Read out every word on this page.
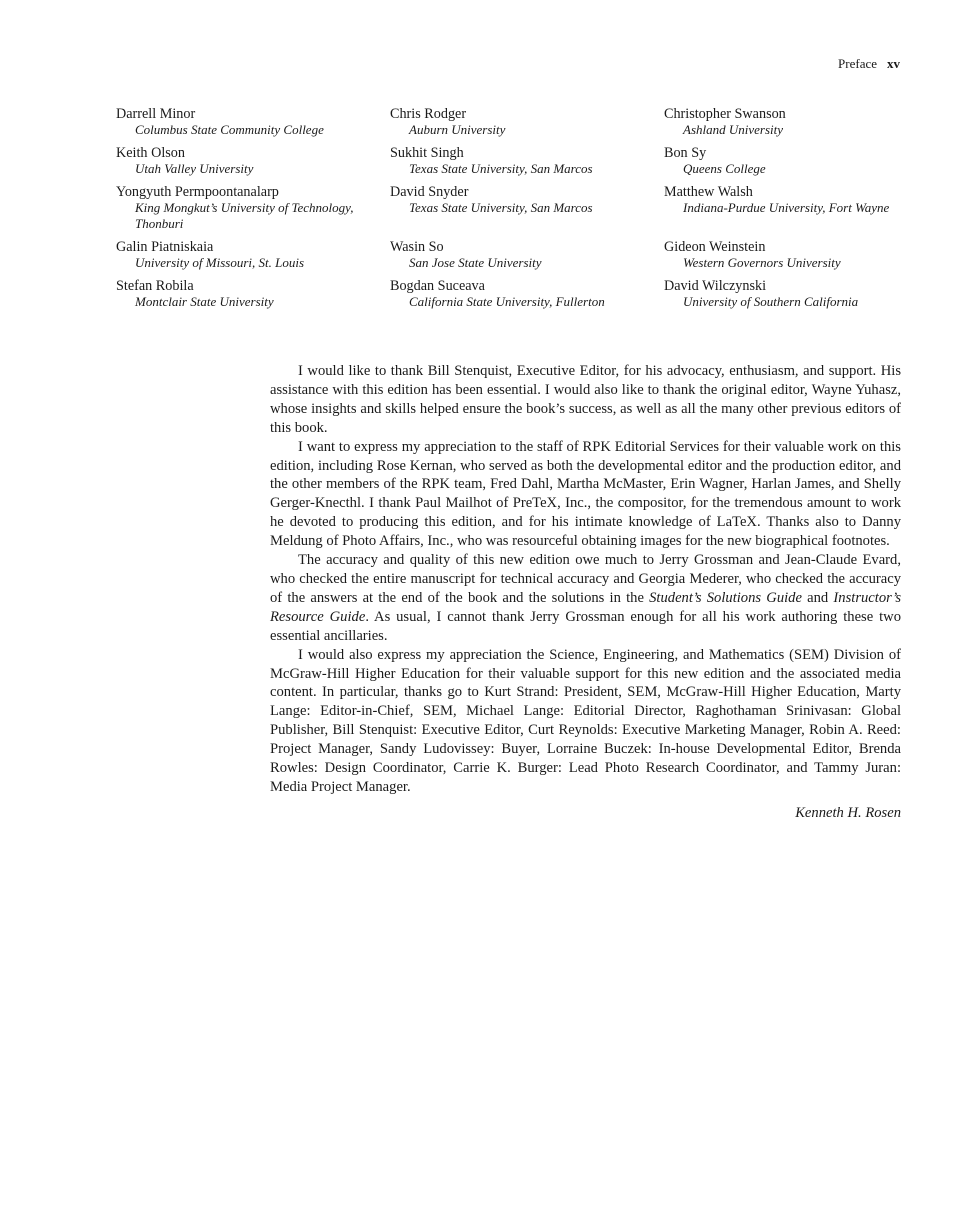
Preface xv
Darrell Minor
Columbus State Community College
Chris Rodger
Auburn University
Christopher Swanson
Ashland University
Keith Olson
Utah Valley University
Sukhit Singh
Texas State University, San Marcos
Bon Sy
Queens College
Yongyuth Permpoontanalarp
King Mongkut’s University of Technology, Thonburi
David Snyder
Texas State University, San Marcos
Matthew Walsh
Indiana-Purdue University, Fort Wayne
Galin Piatniskaia
University of Missouri, St. Louis
Wasin So
San Jose State University
Gideon Weinstein
Western Governors University
Stefan Robila
Montclair State University
Bogdan Suceava
California State University, Fullerton
David Wilczynski
University of Southern California

I would like to thank Bill Stenquist, Executive Editor, for his advocacy, enthusiasm, and support. His assistance with this edition has been essential. I would also like to thank the original editor, Wayne Yuhasz, whose insights and skills helped ensure the book’s success, as well as all the many other previous editors of this book.

I want to express my appreciation to the staff of RPK Editorial Services for their valuable work on this edition, including Rose Kernan, who served as both the developmental editor and the production editor, and the other members of the RPK team, Fred Dahl, Martha McMaster, Erin Wagner, Harlan James, and Shelly Gerger-Knecthl. I thank Paul Mailhot of PreTeX, Inc., the compositor, for the tremendous amount to work he devoted to producing this edition, and for his intimate knowledge of LaTeX. Thanks also to Danny Meldung of Photo Affairs, Inc., who was resourceful obtaining images for the new biographical footnotes.

The accuracy and quality of this new edition owe much to Jerry Grossman and Jean-Claude Evard, who checked the entire manuscript for technical accuracy and Georgia Mederer, who checked the accuracy of the answers at the end of the book and the solutions in the Student’s Solutions Guide and Instructor’s Resource Guide. As usual, I cannot thank Jerry Grossman enough for all his work authoring these two essential ancillaries.

I would also express my appreciation the Science, Engineering, and Mathematics (SEM) Division of McGraw-Hill Higher Education for their valuable support for this new edition and the associated media content. In particular, thanks go to Kurt Strand: President, SEM, McGraw-Hill Higher Education, Marty Lange: Editor-in-Chief, SEM, Michael Lange: Editorial Director, Raghothaman Srinivasan: Global Publisher, Bill Stenquist: Executive Editor, Curt Reynolds: Executive Marketing Manager, Robin A. Reed: Project Manager, Sandy Ludovissey: Buyer, Lorraine Buczek: In-house Developmental Editor, Brenda Rowles: Design Coordinator, Carrie K. Burger: Lead Photo Research Coordinator, and Tammy Juran: Media Project Manager.

Kenneth H. Rosen
